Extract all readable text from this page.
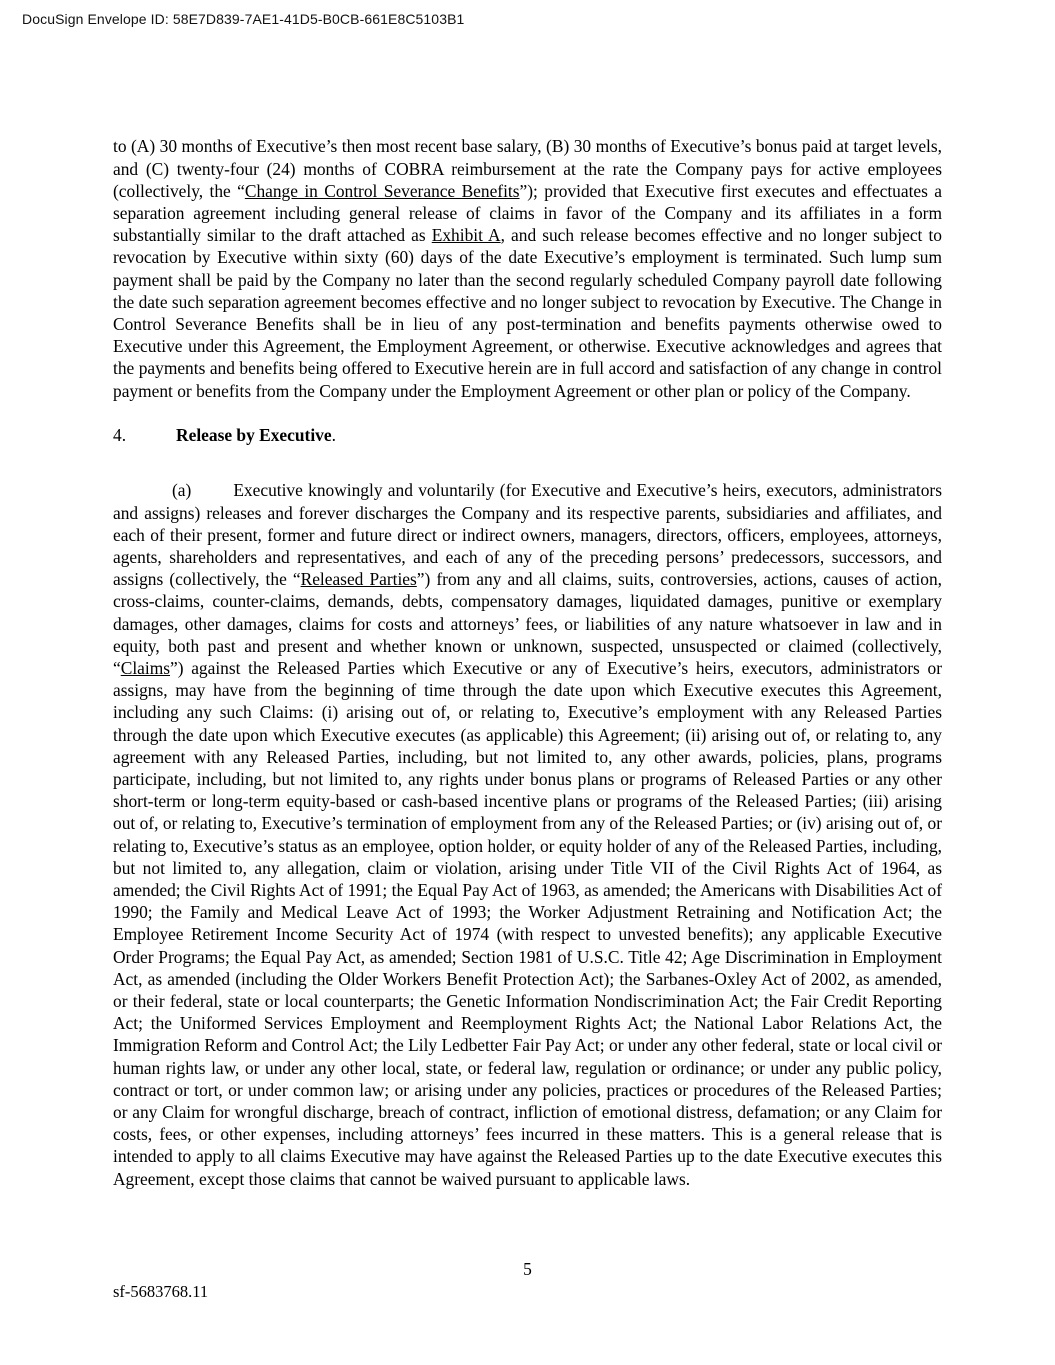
DocuSign Envelope ID: 58E7D839-7AE1-41D5-B0CB-661E8C5103B1

to (A) 30 months of Executive’s then most recent base salary, (B) 30 months of Executive’s bonus paid at target levels, and (C) twenty-four (24) months of COBRA reimbursement at the rate the Company pays for active employees (collectively, the “Change in Control Severance Benefits”); provided that Executive first executes and effectuates a separation agreement including general release of claims in favor of the Company and its affiliates in a form substantially similar to the draft attached as Exhibit A, and such release becomes effective and no longer subject to revocation by Executive within sixty (60) days of the date Executive’s employment is terminated. Such lump sum payment shall be paid by the Company no later than the second regularly scheduled Company payroll date following the date such separation agreement becomes effective and no longer subject to revocation by Executive. The Change in Control Severance Benefits shall be in lieu of any post-termination and benefits payments otherwise owed to Executive under this Agreement, the Employment Agreement, or otherwise. Executive acknowledges and agrees that the payments and benefits being offered to Executive herein are in full accord and satisfaction of any change in control payment or benefits from the Company under the Employment Agreement or other plan or policy of the Company.

4.	Release by Executive.

(a) Executive knowingly and voluntarily (for Executive and Executive’s heirs, executors, administrators and assigns) releases and forever discharges the Company and its respective parents, subsidiaries and affiliates, and each of their present, former and future direct or indirect owners, managers, directors, officers, employees, attorneys, agents, shareholders and representatives, and each of any of the preceding persons’ predecessors, successors, and assigns (collectively, the “Released Parties”) from any and all claims, suits, controversies, actions, causes of action, cross-claims, counter-claims, demands, debts, compensatory damages, liquidated damages, punitive or exemplary damages, other damages, claims for costs and attorneys’ fees, or liabilities of any nature whatsoever in law and in equity, both past and present and whether known or unknown, suspected, unsuspected or claimed (collectively, “Claims”) against the Released Parties which Executive or any of Executive’s heirs, executors, administrators or assigns, may have from the beginning of time through the date upon which Executive executes this Agreement, including any such Claims: (i) arising out of, or relating to, Executive’s employment with any Released Parties through the date upon which Executive executes (as applicable) this Agreement; (ii) arising out of, or relating to, any agreement with any Released Parties, including, but not limited to, any other awards, policies, plans, programs participate, including, but not limited to, any rights under bonus plans or programs of Released Parties or any other short-term or long-term equity-based or cash-based incentive plans or programs of the Released Parties; (iii) arising out of, or relating to, Executive’s termination of employment from any of the Released Parties; or (iv) arising out of, or relating to, Executive’s status as an employee, option holder, or equity holder of any of the Released Parties, including, but not limited to, any allegation, claim or violation, arising under Title VII of the Civil Rights Act of 1964, as amended; the Civil Rights Act of 1991; the Equal Pay Act of 1963, as amended; the Americans with Disabilities Act of 1990; the Family and Medical Leave Act of 1993; the Worker Adjustment Retraining and Notification Act; the Employee Retirement Income Security Act of 1974 (with respect to unvested benefits); any applicable Executive Order Programs; the Equal Pay Act, as amended; Section 1981 of U.S.C. Title 42; Age Discrimination in Employment Act, as amended (including the Older Workers Benefit Protection Act); the Sarbanes-Oxley Act of 2002, as amended, or their federal, state or local counterparts; the Genetic Information Nondiscrimination Act; the Fair Credit Reporting Act; the Uniformed Services Employment and Reemployment Rights Act; the National Labor Relations Act, the Immigration Reform and Control Act; the Lily Ledbetter Fair Pay Act; or under any other federal, state or local civil or human rights law, or under any other local, state, or federal law, regulation or ordinance; or under any public policy, contract or tort, or under common law; or arising under any policies, practices or procedures of the Released Parties; or any Claim for wrongful discharge, breach of contract, infliction of emotional distress, defamation; or any Claim for costs, fees, or other expenses, including attorneys’ fees incurred in these matters. This is a general release that is intended to apply to all claims Executive may have against the Released Parties up to the date Executive executes this Agreement, except those claims that cannot be waived pursuant to applicable laws.

5
sf-5683768.11
